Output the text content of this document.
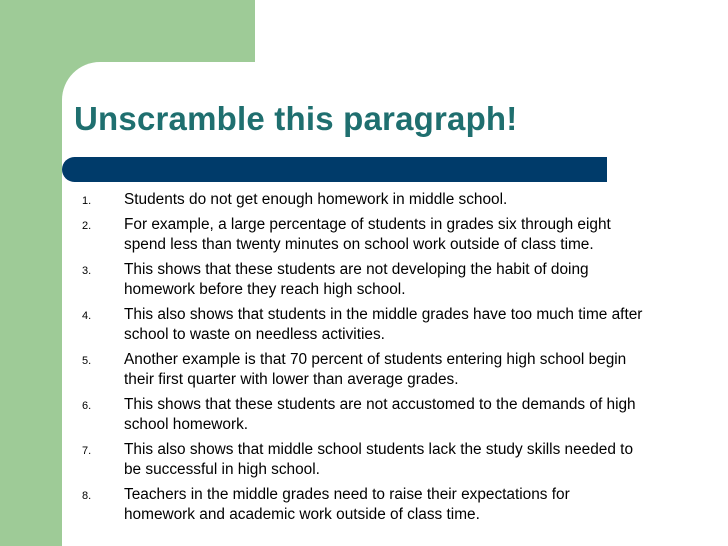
Unscramble this paragraph!
1. Students do not get enough homework in middle school.
2. For example, a large percentage of students in grades six through eight
spend less than twenty minutes on school work outside of class time.
3. This shows that these students are not developing the habit of doing
homework before they reach high school.
4. This also shows that students in the middle grades have too much time after
school to waste on needless activities.
5. Another example is that 70 percent of students entering high school begin
their first quarter with lower than average grades.
6. This shows that these students are not accustomed to the demands of high
school homework.
7. This also shows that middle school students lack the study skills needed to
be successful in high school.
8. Teachers in the middle grades need to raise their expectations for
homework and academic work outside of class time.
